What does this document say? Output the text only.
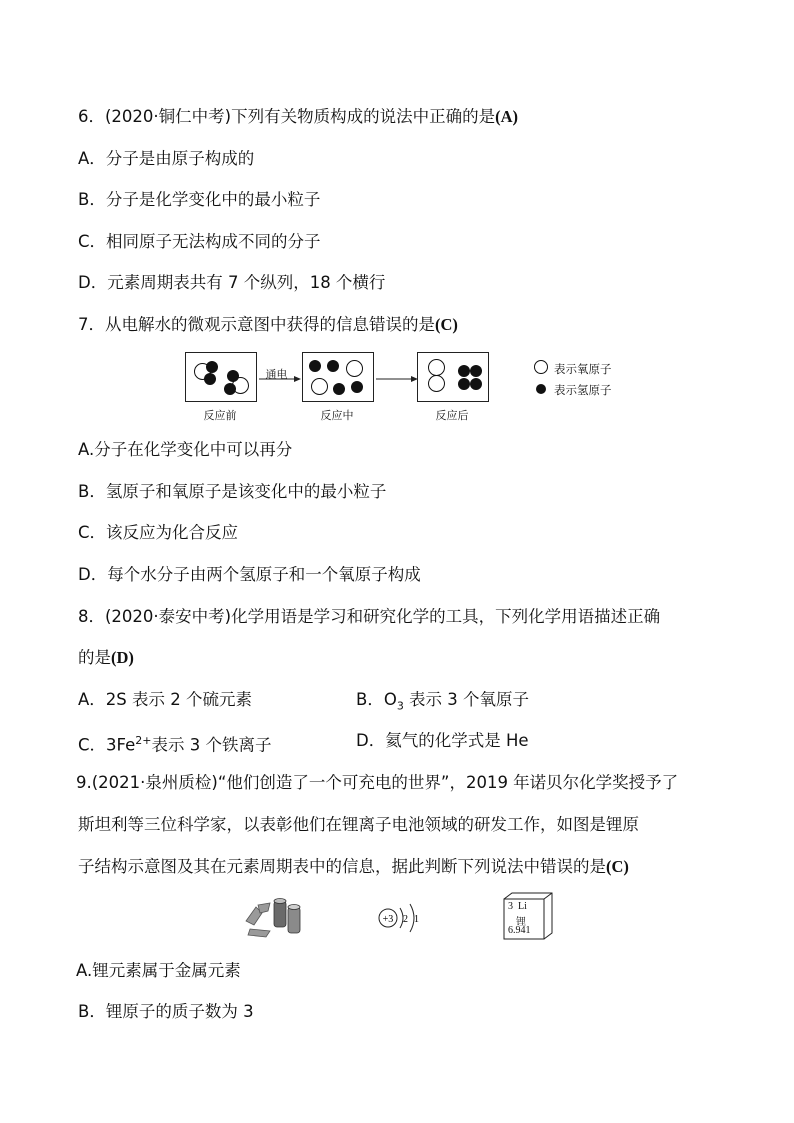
6．(2020·铜仁中考)下列有关物质构成的说法中正确的是(A)
A．分子是由原子构成的
B．分子是化学变化中的最小粒子
C．相同原子无法构成不同的分子
D．元素周期表共有 7 个纵列，18 个横行
7．从电解水的微观示意图中获得的信息错误的是(C)
反应前
通电
反应中	反应后
表示氧原子
表示氢原子
A.分子在化学变化中可以再分
B．氢原子和氧原子是该变化中的最小粒子
C．该反应为化合反应
D．每个水分子由两个氢原子和一个氧原子构成
8．(2020·泰安中考)化学用语是学习和研究化学的工具，下列化学用语描述正确
的是(D)
A．2S 表示 2 个硫元素	B．$O_3$ 表示 3 个氧原子
C．$3Fe^{2+}$表示 3 个铁离子	D．氦气的化学式是 He
9.(2021·泉州质检)“他们创造了一个可充电的世界”，2019 年诺贝尔化学奖授予了
斯坦利等三位科学家，以表彰他们在锂离子电池领域的研发工作，如图是锂原
子结构示意图及其在元素周期表中的信息，据此判断下列说法中错误的是(C)
+3 2 1
3 Li
锂
6.941
A.锂元素属于金属元素
B．锂原子的质子数为 3
